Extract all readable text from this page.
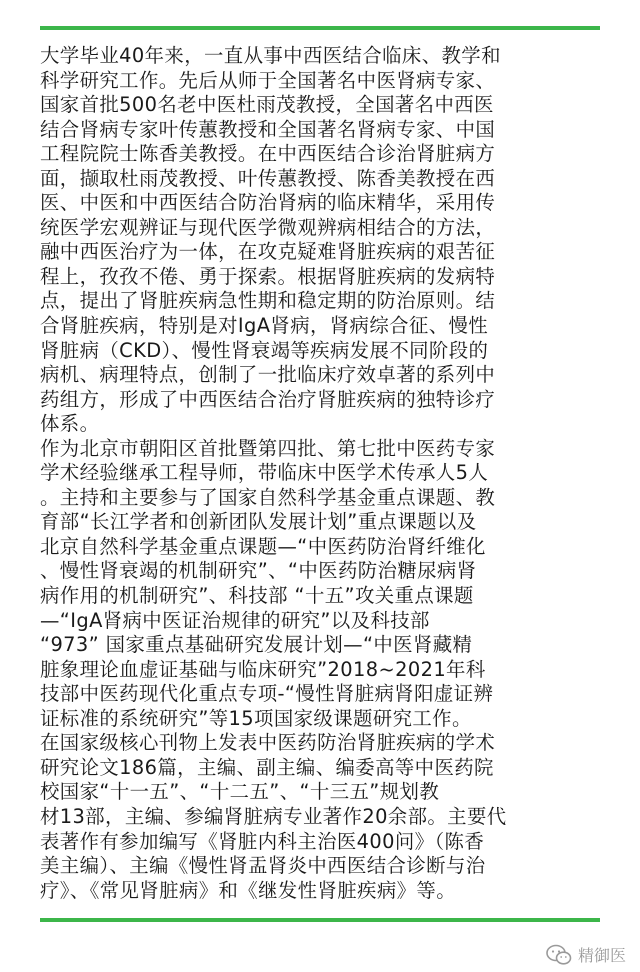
大学毕业40年来，一直从事中西医结合临床、教学和
科学研究工作。先后从师于全国著名中医肾病专家、
国家首批500名老中医杜雨茂教授，全国著名中西医
结合肾病专家叶传蕙教授和全国著名肾病专家、中国
工程院院士陈香美教授。在中西医结合诊治肾脏病方
面，撷取杜雨茂教授、叶传蕙教授、陈香美教授在西
医、中医和中西医结合防治肾病的临床精华，采用传
统医学宏观辨证与现代医学微观辨病相结合的方法，
融中西医治疗为一体，在攻克疑难肾脏疾病的艰苦征
程上，孜孜不倦、勇于探索。根据肾脏疾病的发病特
点，提出了肾脏疾病急性期和稳定期的防治原则。结
合肾脏疾病，特别是对IgA肾病，肾病综合征、慢性
肾脏病（CKD）、慢性肾衰竭等疾病发展不同阶段的
病机、病理特点，创制了一批临床疗效卓著的系列中
药组方，形成了中西医结合治疗肾脏疾病的独特诊疗
体系。

作为北京市朝阳区首批暨第四批、第七批中医药专家
学术经验继承工程导师，带临床中医学术传承人5人
。主持和主要参与了国家自然科学基金重点课题、教
育部“长江学者和创新团队发展计划”重点课题以及
北京自然科学基金重点课题—“中医药防治肾纤维化
、慢性肾衰竭的机制研究”、“中医药防治糖尿病肾
病作用的机制研究”、科技部 “十五”攻关重点课题
—“IgA肾病中医证治规律的研究”以及科技部
“973” 国家重点基础研究发展计划—“中医肾藏精
脏象理论血虚证基础与临床研究”2018~2021年科
技部中医药现代化重点专项-“慢性肾脏病肾阳虚证辨
证标准的系统研究”等15项国家级课题研究工作。

在国家级核心刊物上发表中医药防治肾脏疾病的学术
研究论文186篇，主编、副主编、编委高等中医药院
校国家“十一五”、“十二五”、“十三五”规划教
材13部，主编、参编肾脏病专业著作20余部。主要代
表著作有参加编写《肾脏内科主治医400问》（陈香
美主编）、主编《慢性肾盂肾炎中西医结合诊断与治
疗》、《常见肾脏病》和《继发性肾脏疾病》等。

精御医
